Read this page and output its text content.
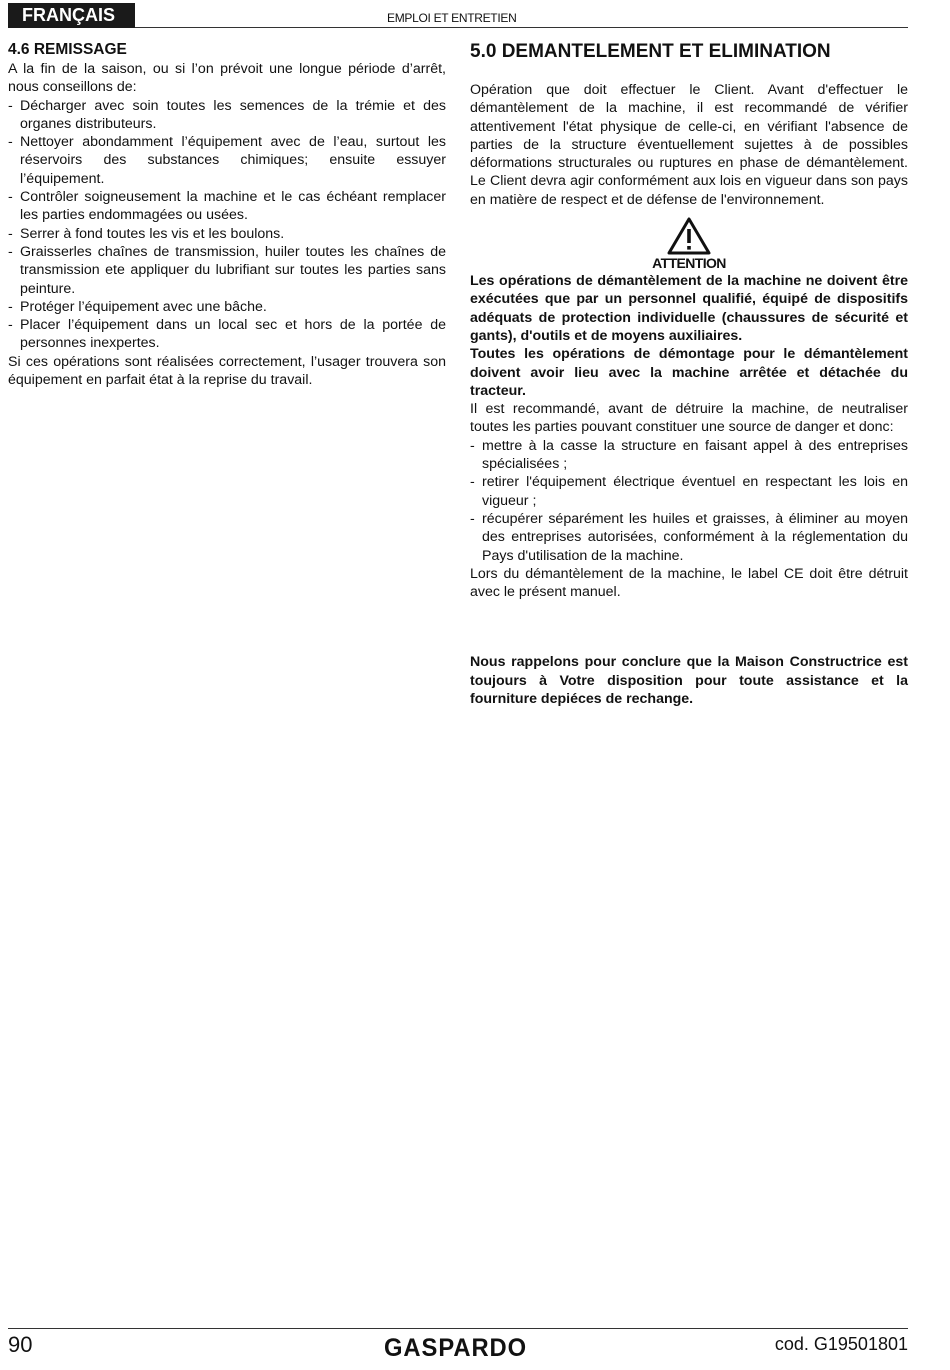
FRANÇAIS	EMPLOI ET ENTRETIEN
4.6 REMISSAGE

A la fin de la saison, ou si l’on prévoit une longue période d’arrêt, nous conseillons de:

- Décharger avec soin toutes les semences de la trémie et des organes distributeurs.
- Nettoyer abondamment l’équipement avec de l’eau, surtout les réservoirs des substances chimiques; ensuite essuyer l’équipement.
- Contrôler soigneusement la machine et le cas échéant remplacer les parties endommagées ou usées.
- Serrer à fond toutes les vis et les boulons.
- Graisserles chaînes de transmission, huiler toutes les chaînes de transmission ete appliquer du lubrifiant sur toutes les parties sans peinture.
- Protéger l’équipement avec une bâche.
- Placer l’équipement dans un local sec et hors de la portée de personnes inexpertes.

Si ces opérations sont réalisées correctement, l’usager trouvera son équipement en parfait état à la reprise du travail.

5.0 DEMANTELEMENT ET ELIMINATION

Opération que doit effectuer le Client. Avant d'effectuer le démantèlement de la machine, il est recommandé de vérifier attentivement l'état physique de celle-ci, en vérifiant l'absence de parties de la structure éventuellement sujettes à de possibles déformations structurales ou ruptures en phase de démantèlement. Le Client devra agir conformément aux lois en vigueur dans son pays en matière de respect et de défense de l'environnement.

ATTENTION

Les opérations de démantèlement de la machine ne doivent être exécutées que par un personnel qualifié, équipé de dispositifs adéquats de protection individuelle (chaussures de sécurité et gants), d'outils et de moyens auxiliaires.

Toutes les opérations de démontage pour le démantèlement doivent avoir lieu avec la machine arrêtée et détachée du tracteur.

Il est recommandé, avant de détruire la machine, de neutraliser toutes les parties pouvant constituer une source de danger et donc:

- mettre à la casse la structure en faisant appel à des entreprises spécialisées ;
- retirer l'équipement électrique éventuel en respectant les lois en vigueur ;
- récupérer séparément les huiles et graisses, à éliminer au moyen des entreprises autorisées, conformément à la réglementation du Pays d'utilisation de la machine.

Lors du démantèlement de la machine, le label CE doit être détruit avec le présent manuel.

Nous rappelons pour conclure que la Maison Constructrice est toujours à Votre disposition pour toute assistance et la fourniture depiéces de rechange.

90	GASPARDO	cod. G19501801
